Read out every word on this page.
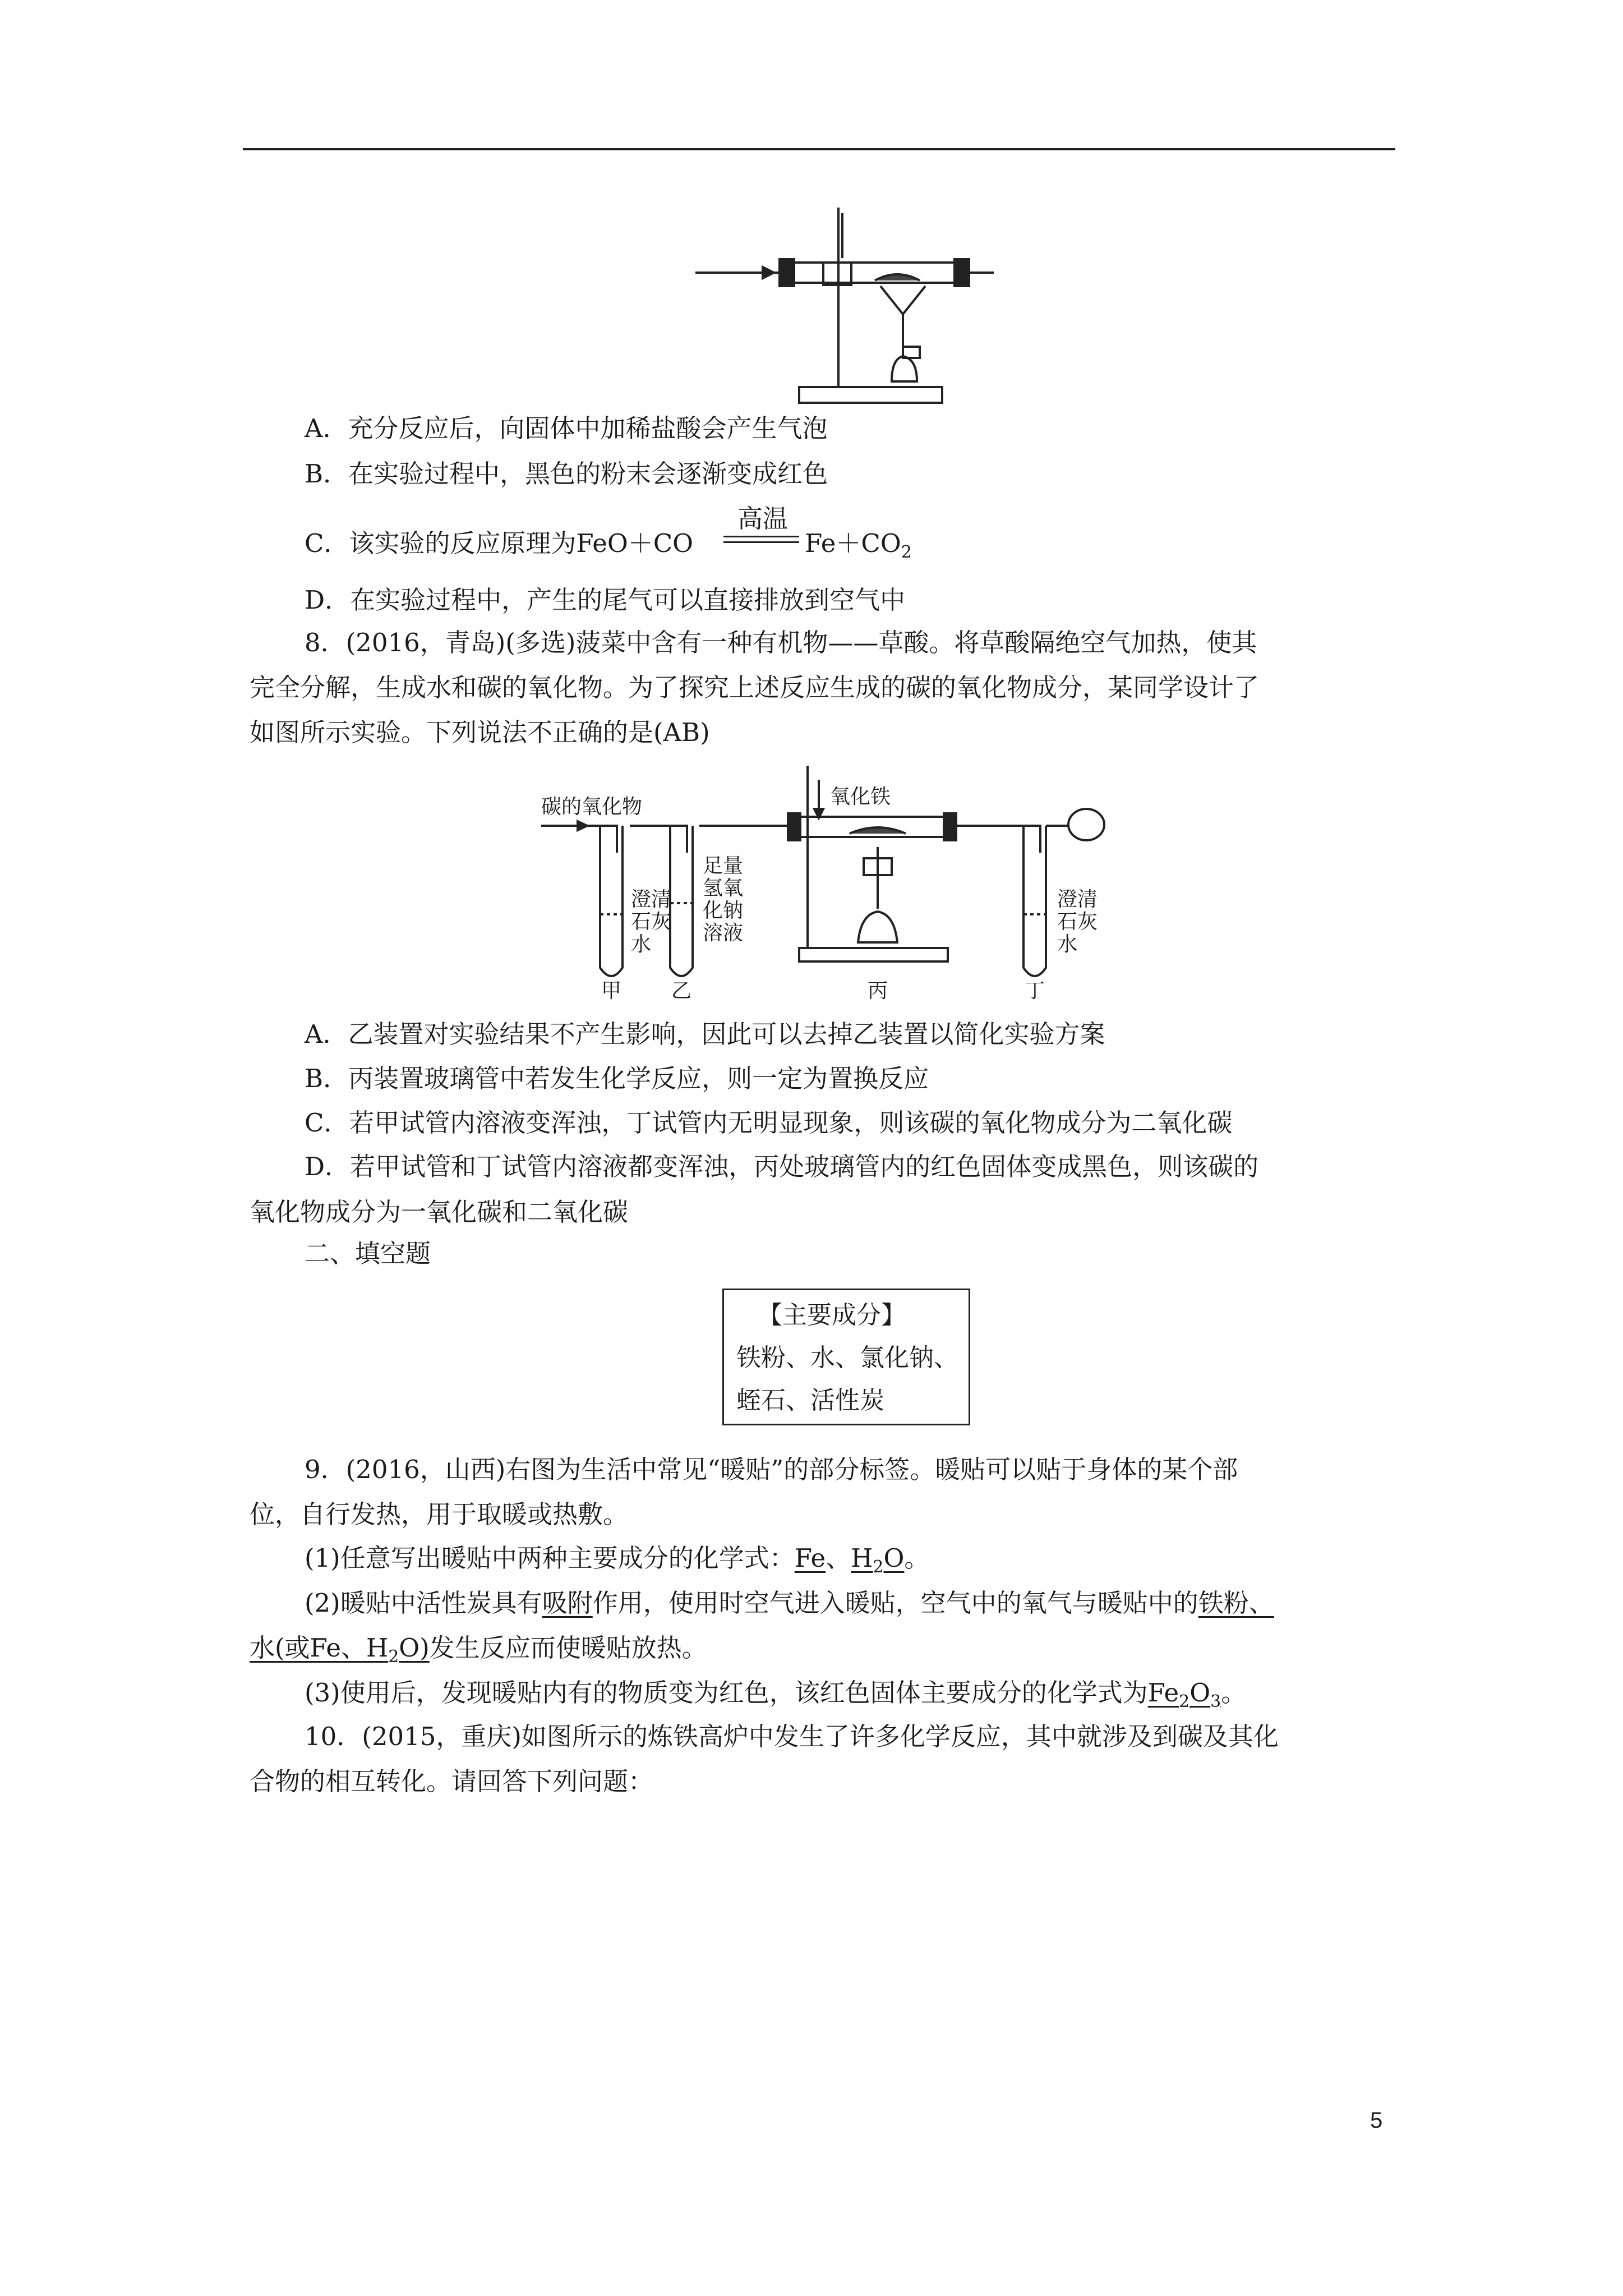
A．充分反应后，向固体中加稀盐酸会产生气泡
B．在实验过程中，黑色的粉末会逐渐变成红色
C．该实验的反应原理为FeO＋CO
高温
$Fe+CO_2$
D．在实验过程中，产生的尾气可以直接排放到空气中
8．(2016，青岛)(多选)菠菜中含有一种有机物——草酸。将草酸隔绝空气加热，使其
完全分解，生成水和碳的氧化物。为了探究上述反应生成的碳的氧化物成分，某同学设计了
如图所示实验。下列说法不正确的是(AB)
碳的氧化物	氧化铁
澄清
石灰
水
足量
氢氧
化钠
溶液
澄清
石灰
水
甲 乙	丙	丁
A．乙装置对实验结果不产生影响，因此可以去掉乙装置以简化实验方案
B．丙装置玻璃管中若发生化学反应，则一定为置换反应
C．若甲试管内溶液变浑浊，丁试管内无明显现象，则该碳的氧化物成分为二氧化碳
D．若甲试管和丁试管内溶液都变浑浊，丙处玻璃管内的红色固体变成黑色，则该碳的
氧化物成分为一氧化碳和二氧化碳
二、填空题
【主要成分】
铁粉、水、氯化钠、
蛭石、活性炭
9．(2016，山西)右图为生活中常见“暖贴”的部分标签。暖贴可以贴于身体的某个部
位，自行发热，用于取暖或热敷。
(1)任意写出暖贴中两种主要成分的化学式：Fe、$H_2O$。
(2)暖贴中活性炭具有吸附作用，使用时空气进入暖贴，空气中的氧气与暖贴中的铁粉、
水(或Fe、$H_2O$)发生反应而使暖贴放热。
(3)使用后，发现暖贴内有的物质变为红色，该红色固体主要成分的化学式为$Fe_2O_3$。
10．(2015，重庆)如图所示的炼铁高炉中发生了许多化学反应，其中就涉及到碳及其化
合物的相互转化。请回答下列问题：
5
